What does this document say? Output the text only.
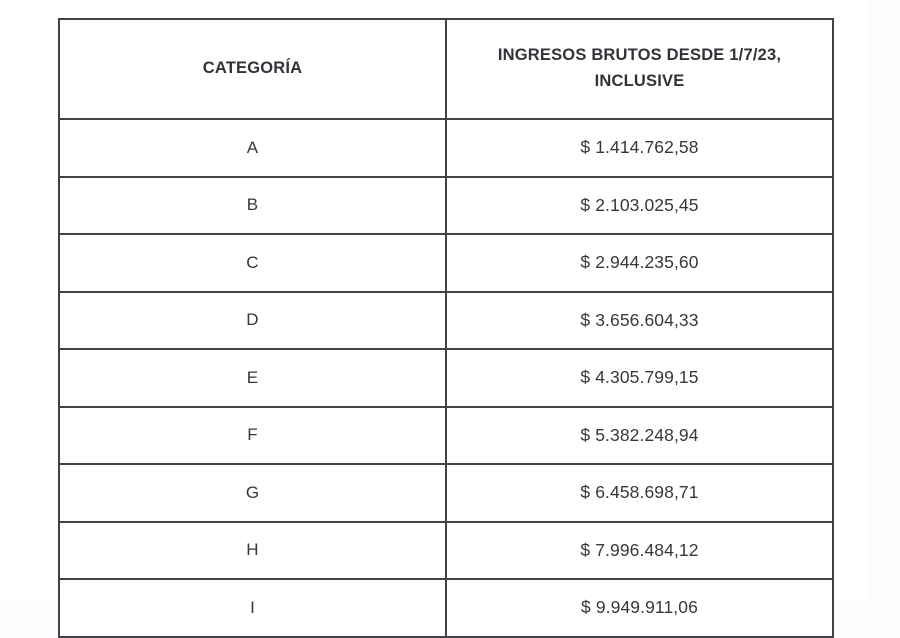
CATEGORÍA	INGRESOS BRUTOS DESDE 1/7/23, INCLUSIVE
A	$ 1.414.762,58
B	$ 2.103.025,45
C	$ 2.944.235,60
D	$ 3.656.604,33
E	$ 4.305.799,15
F	$ 5.382.248,94
G	$ 6.458.698,71
H	$ 7.996.484,12
I	$ 9.949.911,06
